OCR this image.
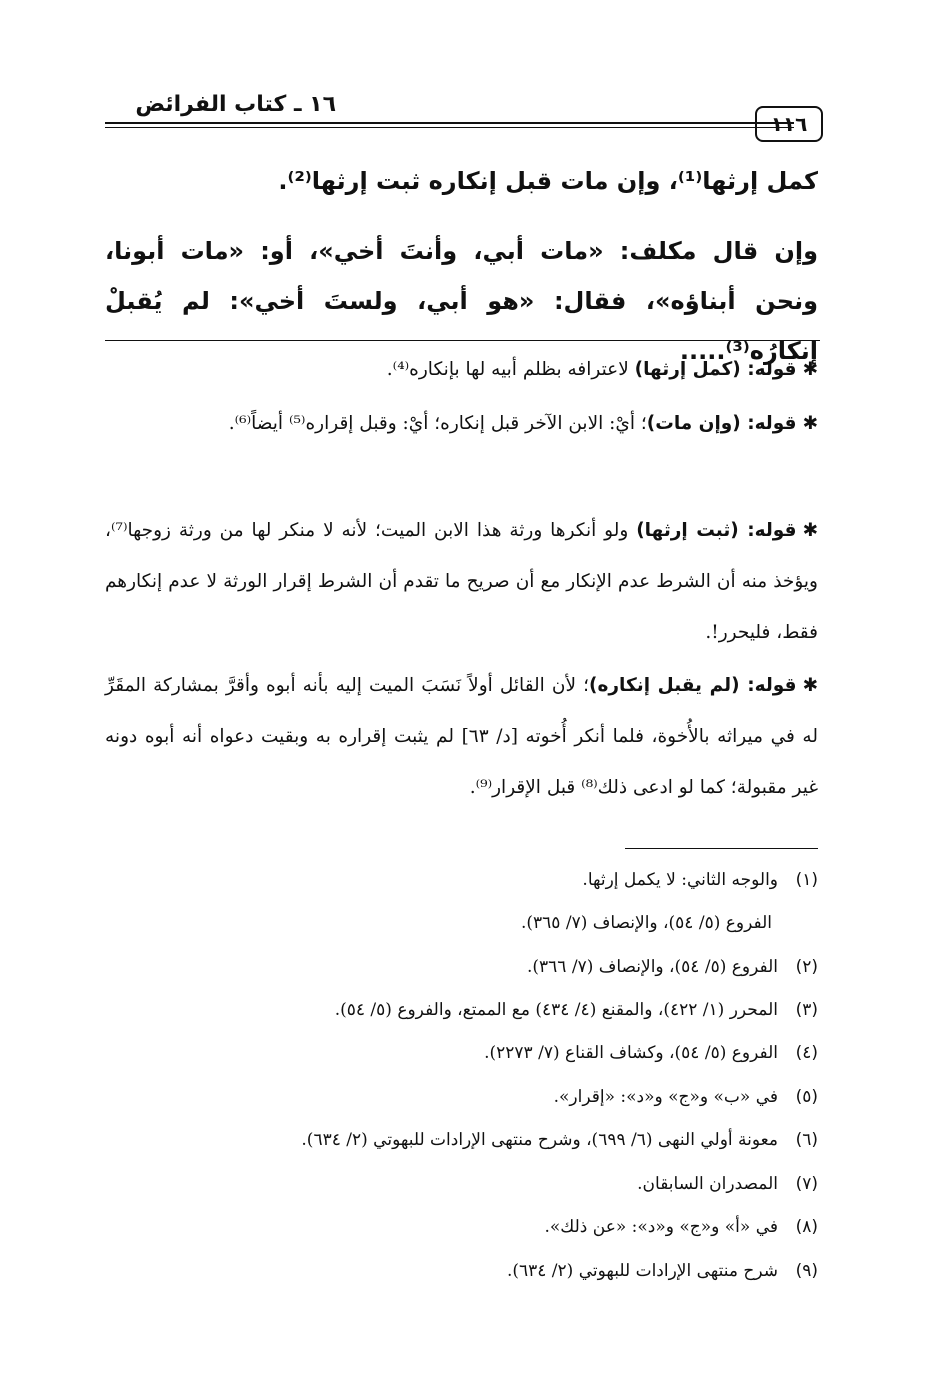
١٦ ـ كتاب الفرائض
١١٦
كمل إرثها⁽¹⁾، وإن مات قبل إنكاره ثبت إرثها⁽²⁾.
وإن قال مكلف: «مات أبي، وأنتَ أخي»، أو: «مات أبونا، ونحن أبناؤه»، فقال: «هو أبي، ولستَ أخي»: لم يُقبلْ إنكارُه⁽³⁾.....
✱قوله: (كمل إرثها) لاعترافه بظلم أبيه لها بإنكاره⁽⁴⁾.
✱قوله: (وإن مات)؛ أيْ: الابن الآخر قبل إنكاره؛ أيْ: وقبل إقراره⁽⁵⁾ أيضاً⁽⁶⁾.
✱قوله: (ثبت إرثها) ولو أنكرها ورثة هذا الابن الميت؛ لأنه لا منكر لها من ورثة زوجها⁽⁷⁾، ويؤخذ منه أن الشرط عدم الإنكار مع أن صريح ما تقدم أن الشرط إقرار الورثة لا عدم إنكارهم فقط، فليحرر!.
✱قوله: (لم يقبل إنكاره)؛ لأن القائل أولاً نَسَبَ الميت إليه بأنه أبوه وأقرَّ بمشاركة المقَرِّ له في ميراثه بالأُخوة، فلما أنكر أُخوته [د/ ٦٣] لم يثبت إقراره به وبقيت دعواه أنه أبوه دونه غير مقبولة؛ كما لو ادعى ذلك⁽⁸⁾ قبل الإقرار⁽⁹⁾.
(١)والوجه الثاني: لا يكمل إرثها.
الفروع (٥/ ٥٤)، والإنصاف (٧/ ٣٦٥).
(٢)الفروع (٥/ ٥٤)، والإنصاف (٧/ ٣٦٦).
(٣)المحرر (١/ ٤٢٢)، والمقنع (٤/ ٤٣٤) مع الممتع، والفروع (٥/ ٥٤).
(٤)الفروع (٥/ ٥٤)، وكشاف القناع (٧/ ٢٢٧٣).
(٥)في «ب» و«ج» و«د»: «إقرار».
(٦)معونة أولي النهى (٦/ ٦٩٩)، وشرح منتهى الإرادات للبهوتي (٢/ ٦٣٤).
(٧)المصدران السابقان.
(٨)في «أ» و«ج» و«د»: «عن ذلك».
(٩)شرح منتهى الإرادات للبهوتي (٢/ ٦٣٤).
